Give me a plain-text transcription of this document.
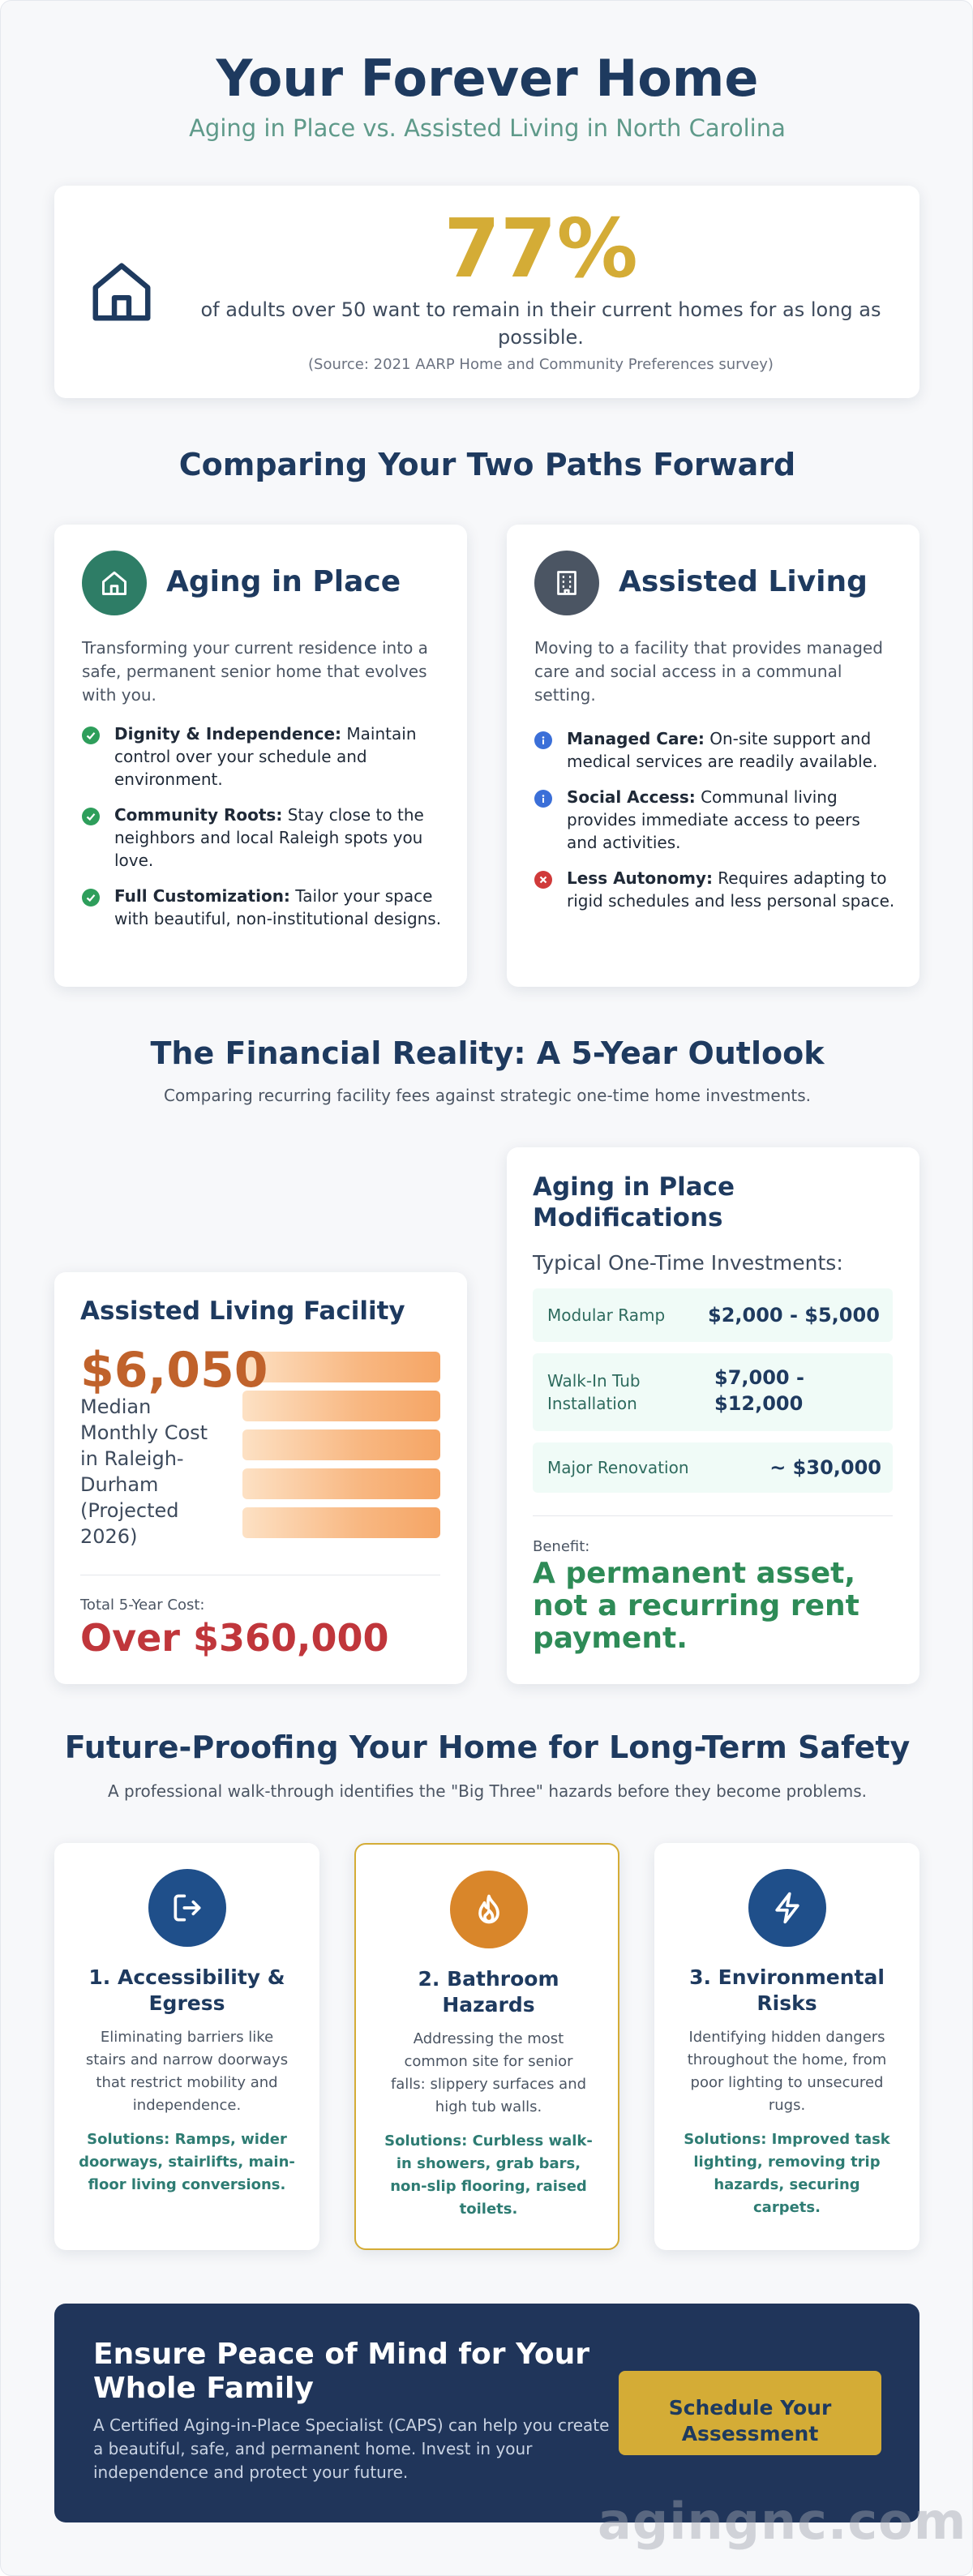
Your Forever Home
Aging in Place vs. Assisted Living in North Carolina
77%
of adults over 50 want to remain in their current homes for as long as possible.
(Source: 2021 AARP Home and Community Preferences survey)
Comparing Your Two Paths Forward
Aging in Place
Transforming your current residence into a safe, permanent senior home that evolves with you.
Dignity & Independence: Maintain control over your schedule and environment.
Community Roots: Stay close to the neighbors and local Raleigh spots you love.
Full Customization: Tailor your space with beautiful, non-institutional designs.
Assisted Living
Moving to a facility that provides managed care and social access in a communal setting.
Managed Care: On-site support and medical services are readily available.
Social Access: Communal living provides immediate access to peers and activities.
Less Autonomy: Requires adapting to rigid schedules and less personal space.
The Financial Reality: A 5-Year Outlook
Comparing recurring facility fees against strategic one-time home investments.
Assisted Living Facility
$6,050
Median Monthly Cost in Raleigh-Durham (Projected 2026)
Total 5-Year Cost:
Over $360,000
Aging in Place Modifications
Typical One-Time Investments:
Modular Ramp $2,000 - $5,000
Walk-In Tub Installation
$7,000 - $12,000
Major Renovation	~ $30,000
Benefit:
A permanent asset, not a recurring rent payment.
Future-Proofing Your Home for Long-Term Safety
A professional walk-through identifies the "Big Three" hazards before they become problems.
1. Accessibility & Egress
Eliminating barriers like stairs and narrow doorways that restrict mobility and independence.
Solutions: Ramps, wider doorways, stairlifts, main-floor living conversions.
2. Bathroom Hazards
Addressing the most common site for senior falls: slippery surfaces and high tub walls.
Solutions: Curbless walk-in showers, grab bars, non-slip flooring, raised toilets.
3. Environmental Risks
Identifying hidden dangers throughout the home, from poor lighting to unsecured rugs.
Solutions: Improved task lighting, removing trip hazards, securing carpets.
Ensure Peace of Mind for Your Whole Family

A Certified Aging-in-Place Specialist (CAPS) can help you create a beautiful, safe, and permanent home. Invest in your independence and protect your future.

Schedule Your Assessment
agingnc.com
